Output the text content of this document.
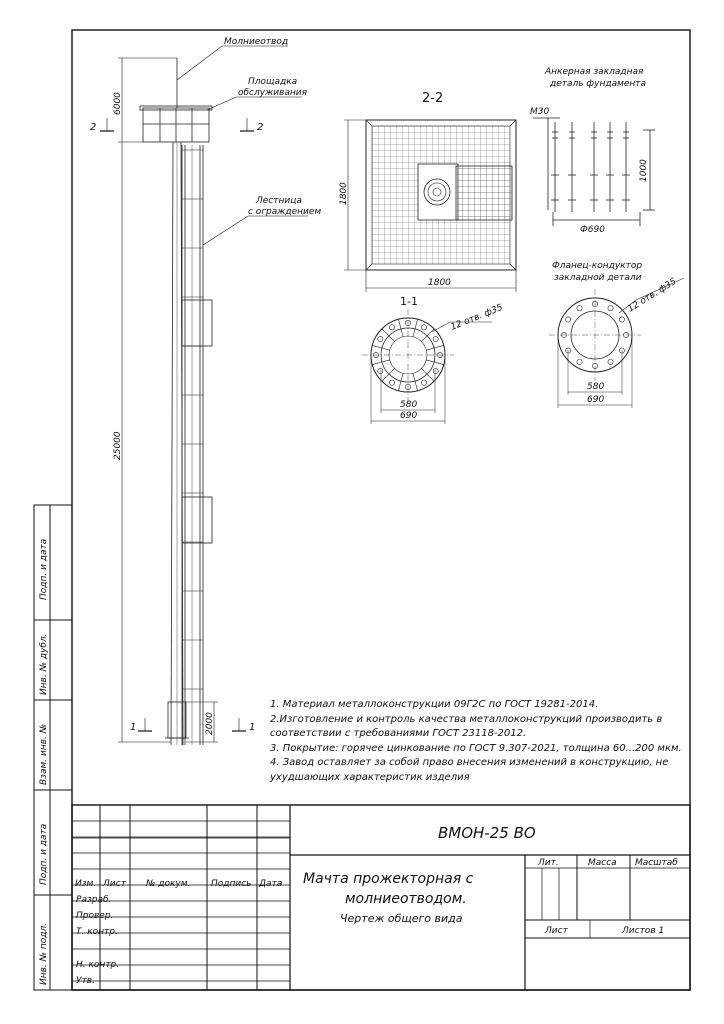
Подп. и дата
Инв. № дубл.
Взам. инв. №
Подп. и дата
Инв. № подл.
Молниеотвод
Площадка
обслуживания
Лестница
с ограждением
6000
25000
2000
2	2
1	1
2-2
1800
1800
Анкерная закладная
деталь фундамента
М30
1000
Ф690
1-1
12 отв. ф35
580
690
Фланец-кондуктор
закладной детали
12 отв. ф35
580
690
ВМОН-25 ВО
Мачта прожекторная с
молниеотводом.
Чертеж общего вида
Изм. Лист № докум. Подпись Дата
Разраб.
Провер.
Т. контр.
Н. контр.
Утв.
Лит.	Масса Масштаб
Лист	Листов 1
1. Материал металлоконструкции 09Г2С по ГОСТ 19281-2014.
2.Изготовление и контроль качества металлоконструкций производить в соответствии с требованиями ГОСТ 23118-2012.
3. Покрытие: горячее цинкование по ГОСТ 9.307-2021, толщина 60...200 мкм.
4. Завод оставляет за собой право внесения изменений в конструкцию, не ухудшающих характеристик изделия
